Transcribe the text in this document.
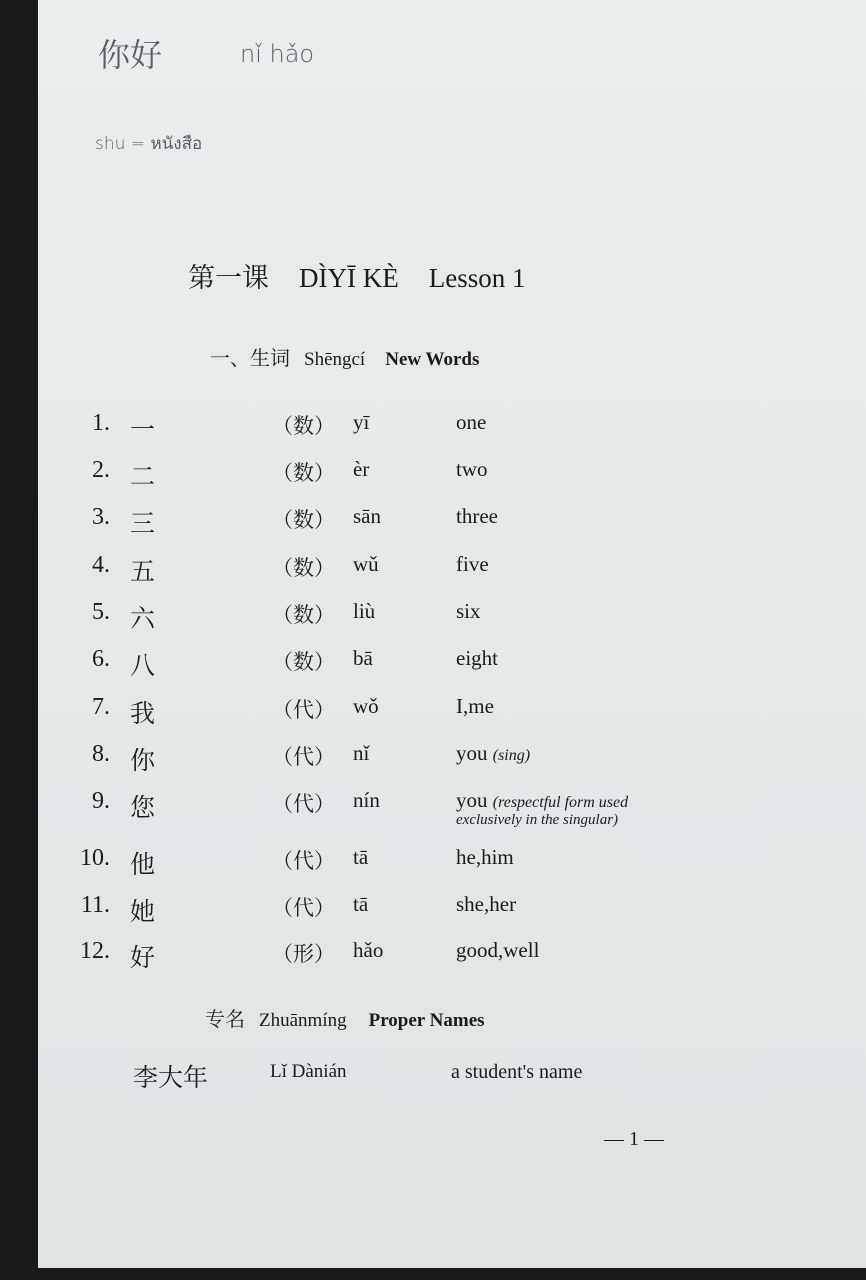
你好	nǐ hǎo
shu = หนังสือ
第一课 DÌYĪ KÈ Lesson 1
一、生词 Shēngcí New Words
1. 一	（数） yī	one
2. 二	（数） èr	two
3. 三	（数） sān	three
4. 五	（数） wǔ	five
5. 六	（数） liù	six
6. 八	（数） bā	eight
7. 我	（代） wǒ	I,me
8. 你	（代） nǐ	you (sing)
9. 您	（代） nín	you (respectful form used
exclusively in the singular)
10. 他	（代） tā	he,him
11. 她	（代） tā	she,her
12. 好	（形） hǎo	good,well
专名 Zhuānmíng Proper Names
李大年	Lǐ Dànián	a student's name
— 1 —
